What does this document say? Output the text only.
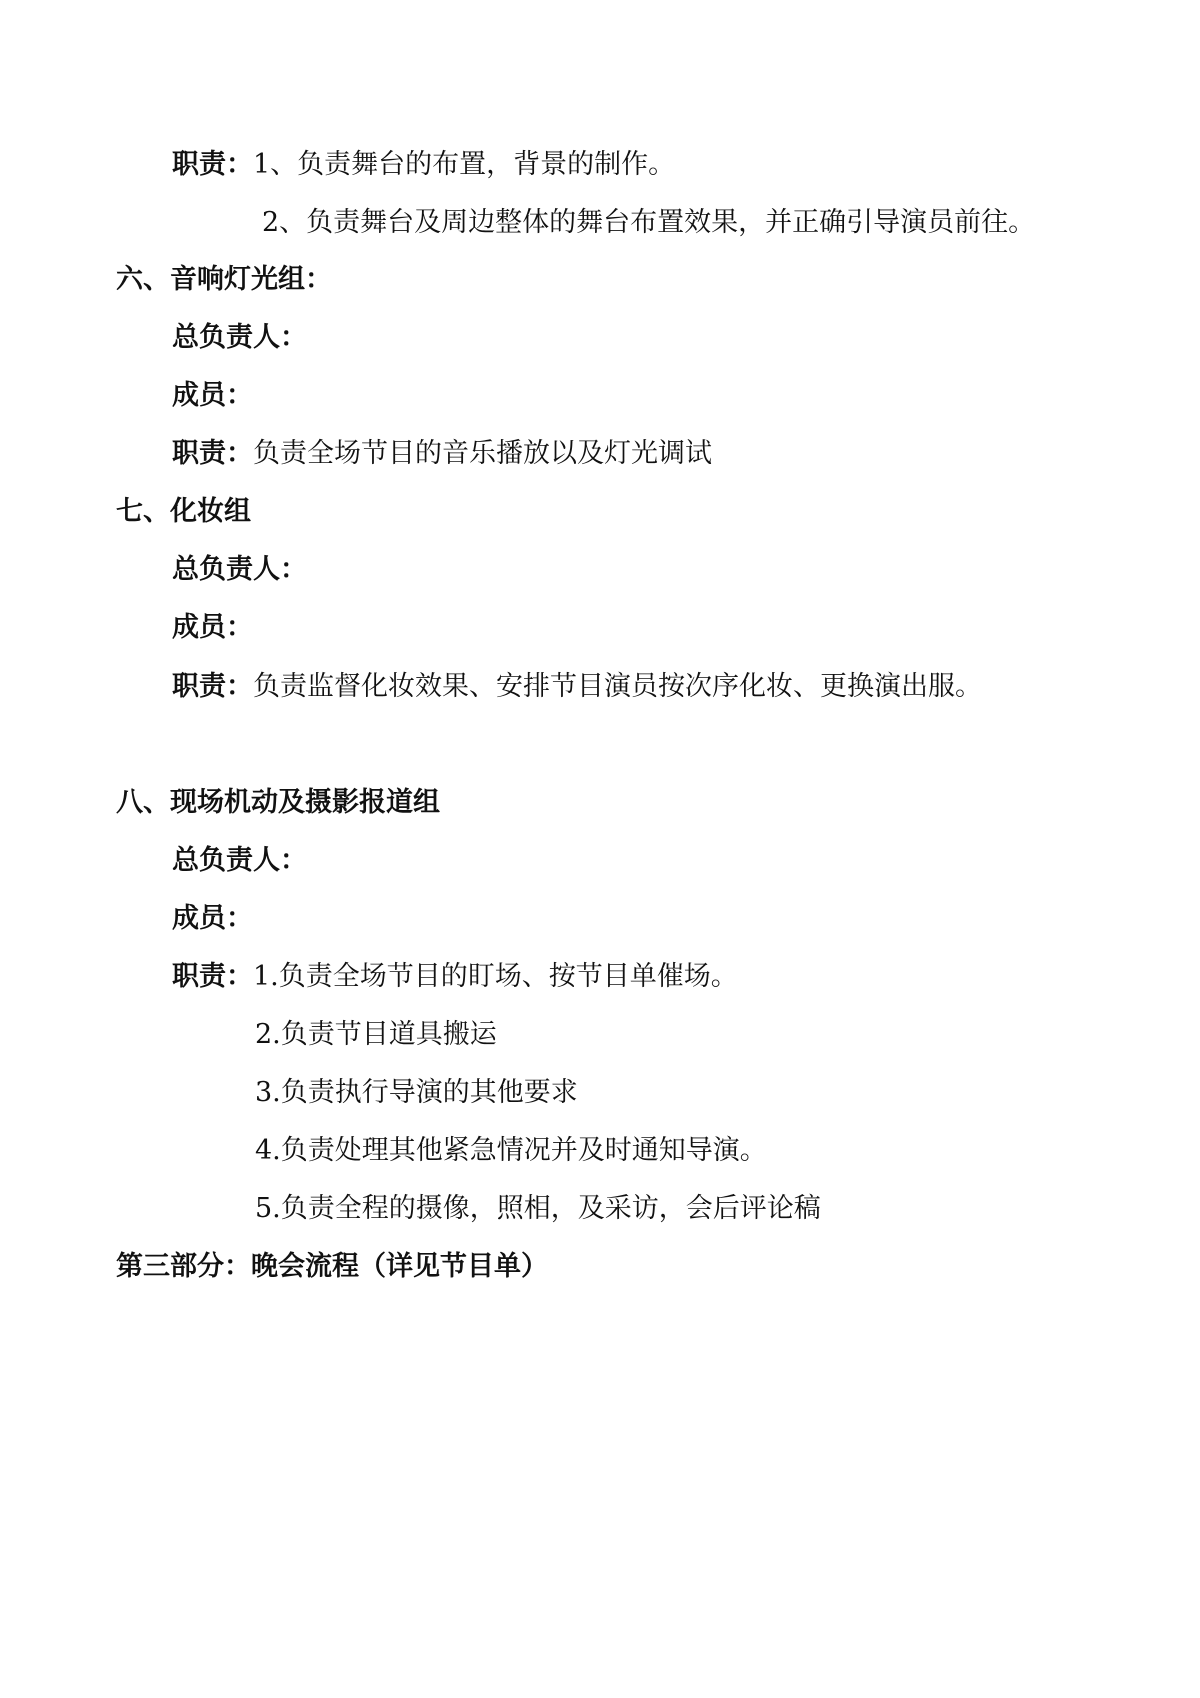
职责：1、负责舞台的布置，背景的制作。
2、负责舞台及周边整体的舞台布置效果，并正确引导演员前往。
六、音响灯光组：
总负责人：
成员：
职责：负责全场节目的音乐播放以及灯光调试
七、化妆组
总负责人：
成员：
职责：负责监督化妆效果、安排节目演员按次序化妆、更换演出服。
八、现场机动及摄影报道组
总负责人：
成员：
职责：1.负责全场节目的盯场、按节目单催场。
2.负责节目道具搬运
3.负责执行导演的其他要求
4.负责处理其他紧急情况并及时通知导演。
5.负责全程的摄像，照相，及采访，会后评论稿
第三部分：晚会流程（详见节目单）
